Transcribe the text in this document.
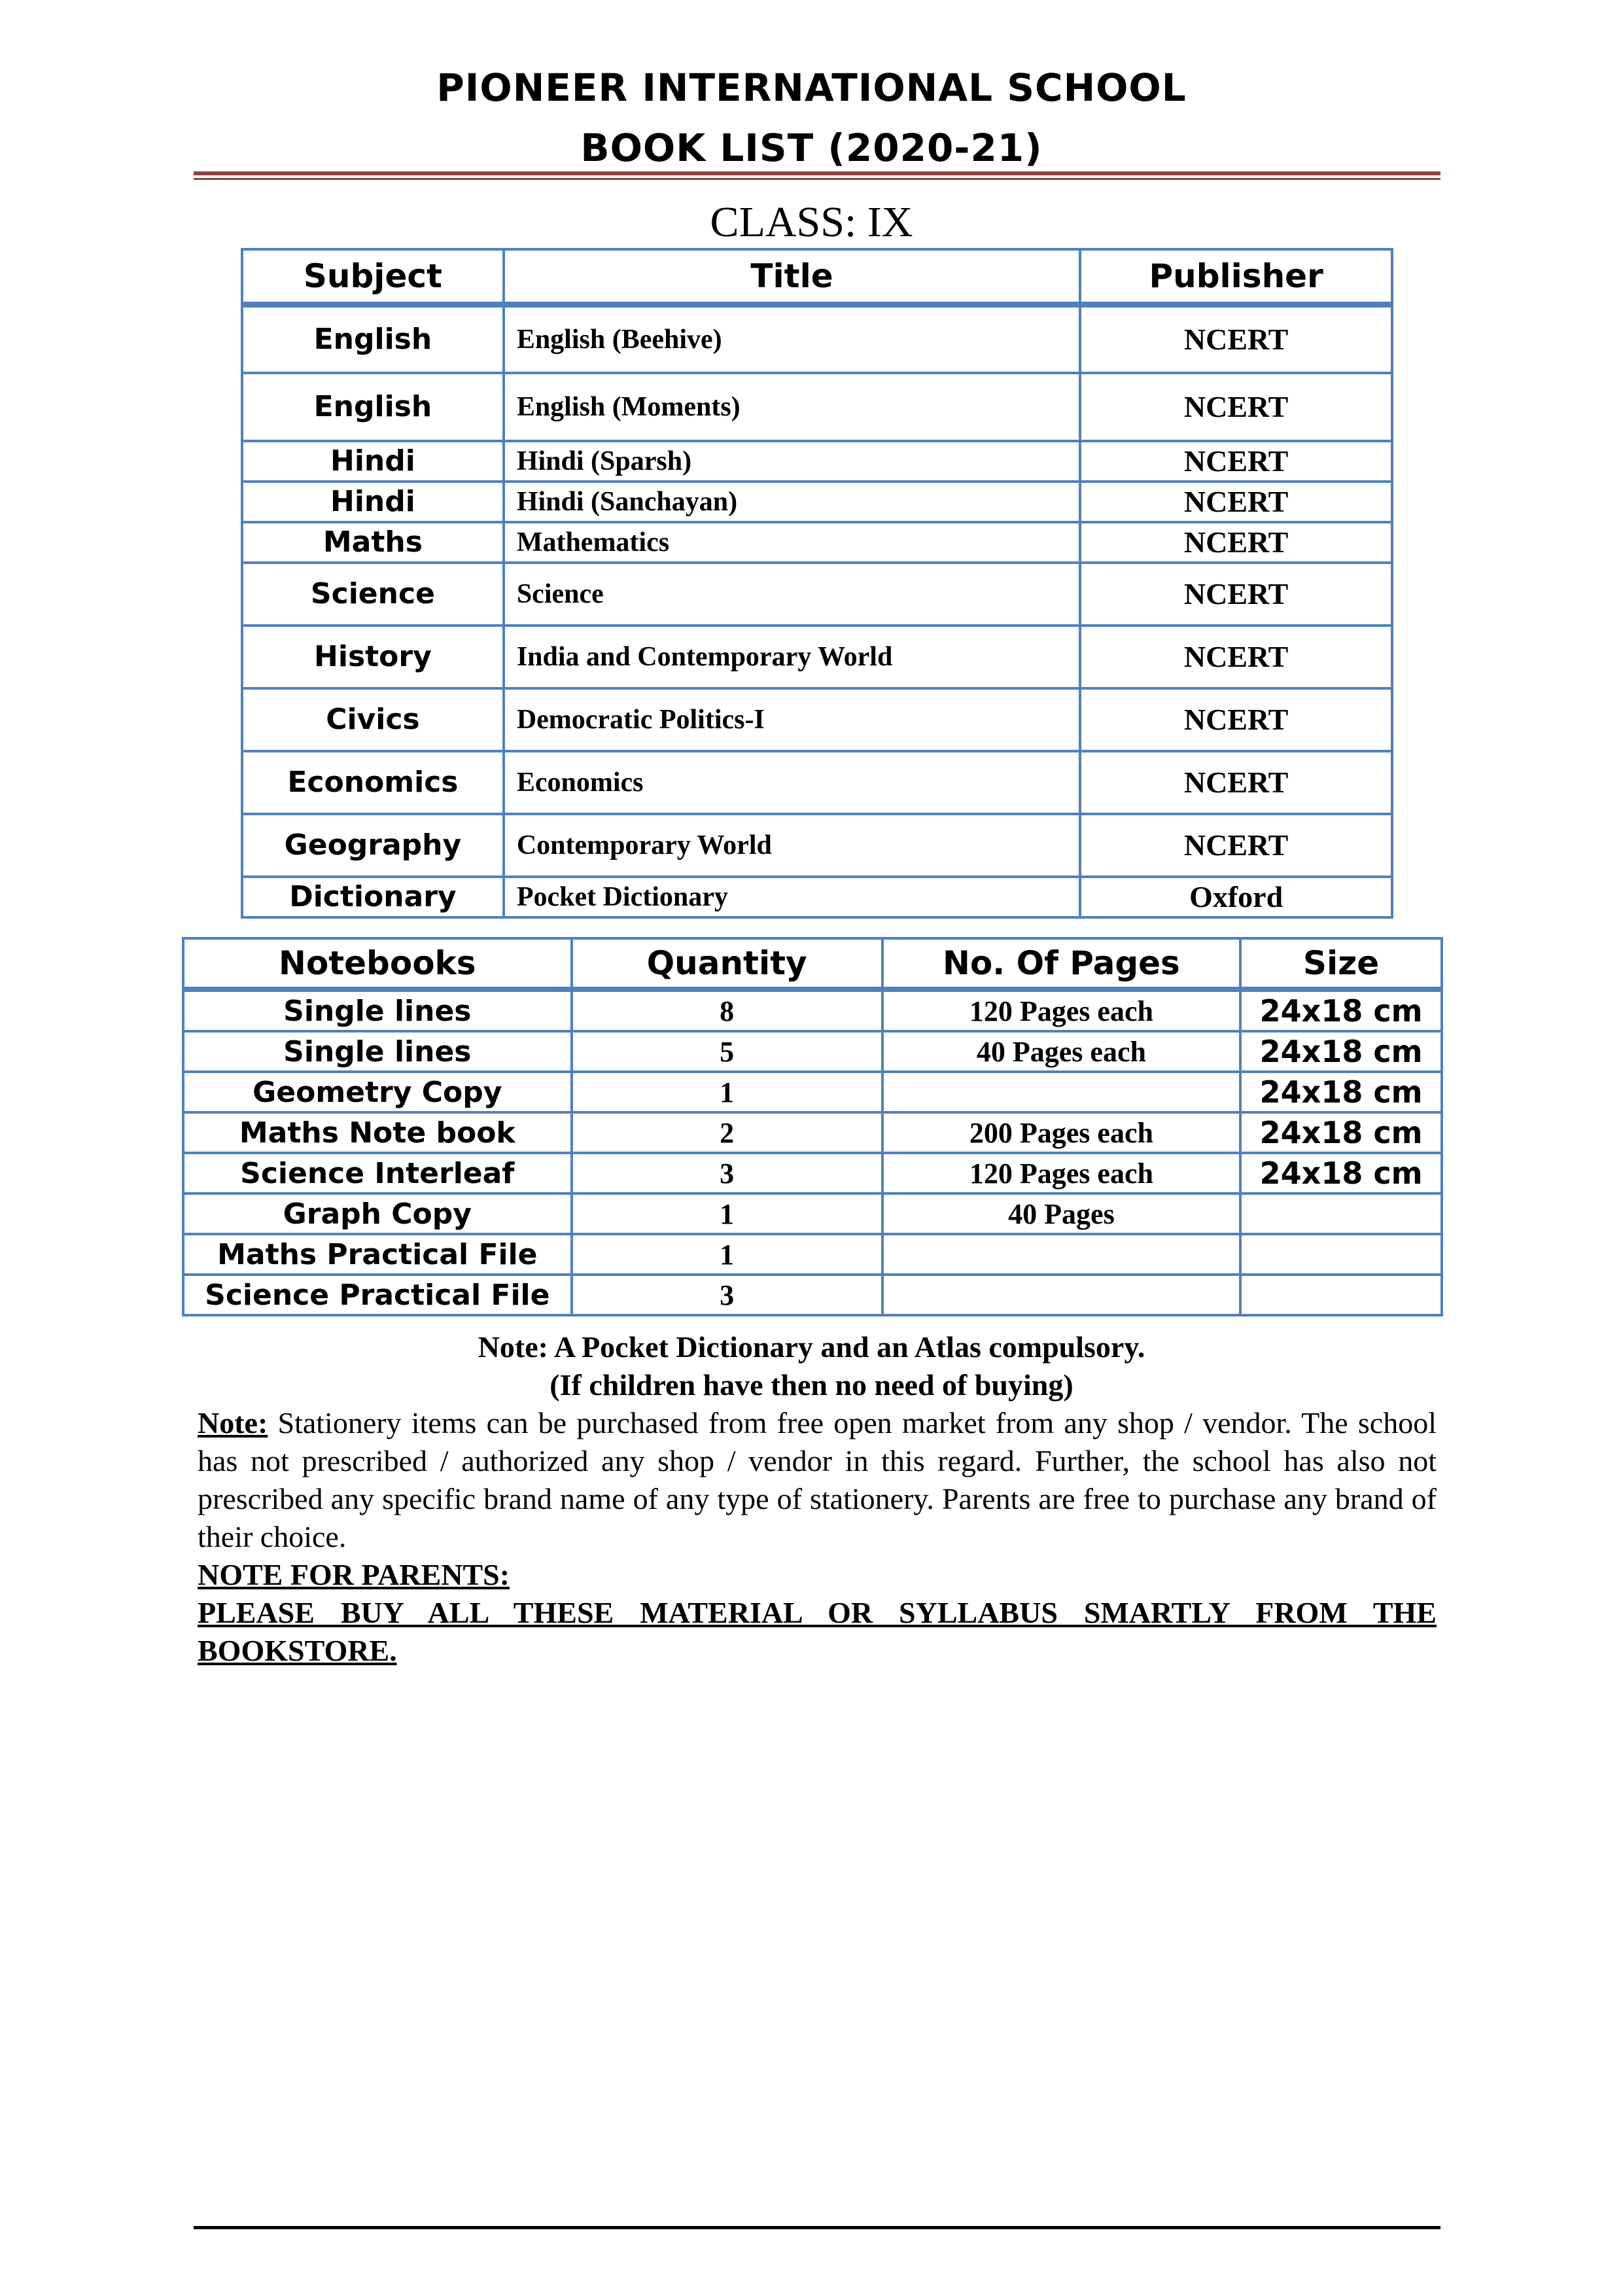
PIONEER INTERNATIONAL SCHOOL
BOOK LIST (2020-21)
CLASS: IX
Subject	Title	Publisher
English	English (Beehive)	NCERT
English	English (Moments)	NCERT
Hindi	Hindi (Sparsh)	NCERT
Hindi	Hindi (Sanchayan)	NCERT
Maths	Mathematics	NCERT
Science	Science	NCERT
History	India and Contemporary World	NCERT
Civics	Democratic Politics-I	NCERT
Economics	Economics	NCERT
Geography	Contemporary World	NCERT
Dictionary	Pocket Dictionary	Oxford
Notebooks	Quantity	No. Of Pages	Size
Single lines	8	120 Pages each	24x18 cm
Single lines	5	40 Pages each	24x18 cm
Geometry Copy	1		24x18 cm
Maths Note book	2	200 Pages each	24x18 cm
Science Interleaf	3	120 Pages each	24x18 cm
Graph Copy	1	40 Pages	
Maths Practical File	1		
Science Practical File	3		
Note: A Pocket Dictionary and an Atlas compulsory.
(If children have then no need of buying)
Note: Stationery items can be purchased from free open market from any shop / vendor. The school has not prescribed / authorized any shop / vendor in this regard. Further, the school has also not prescribed any specific brand name of any type of stationery. Parents are free to purchase any brand of their choice.
NOTE FOR PARENTS:
PLEASE BUY ALL THESE MATERIAL OR SYLLABUS SMARTLY FROM THE BOOKSTORE.
